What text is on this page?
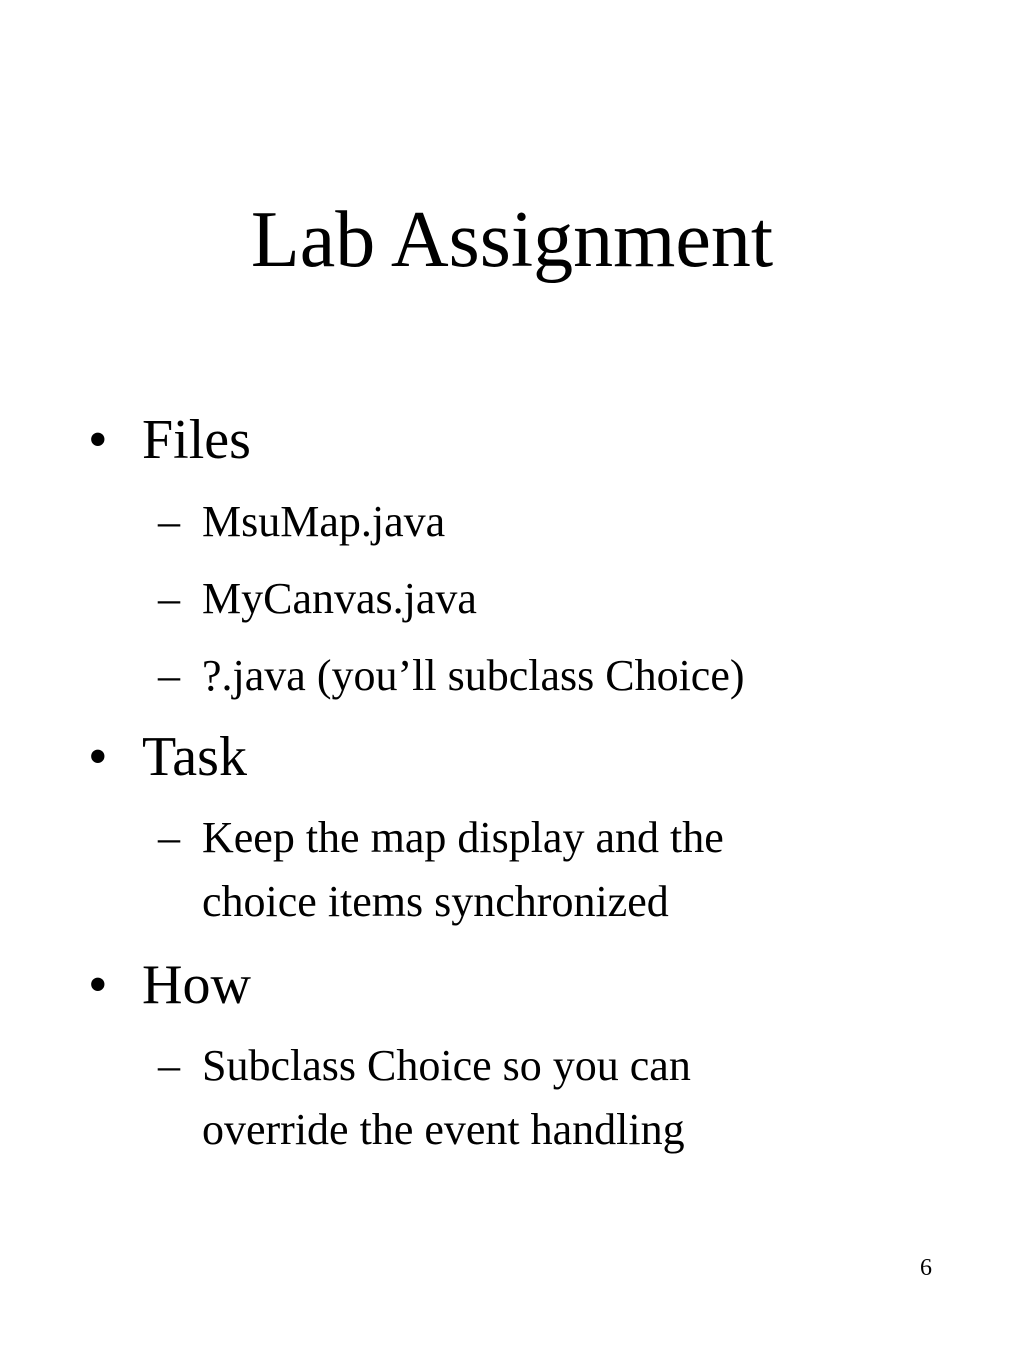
Lab Assignment
• Files
– MsuMap.java
– MyCanvas.java
– ?.java (you’ll subclass Choice)
• Task
– Keep the map display and the
choice items synchronized
• How
– Subclass Choice so you can
override the event handling
6
